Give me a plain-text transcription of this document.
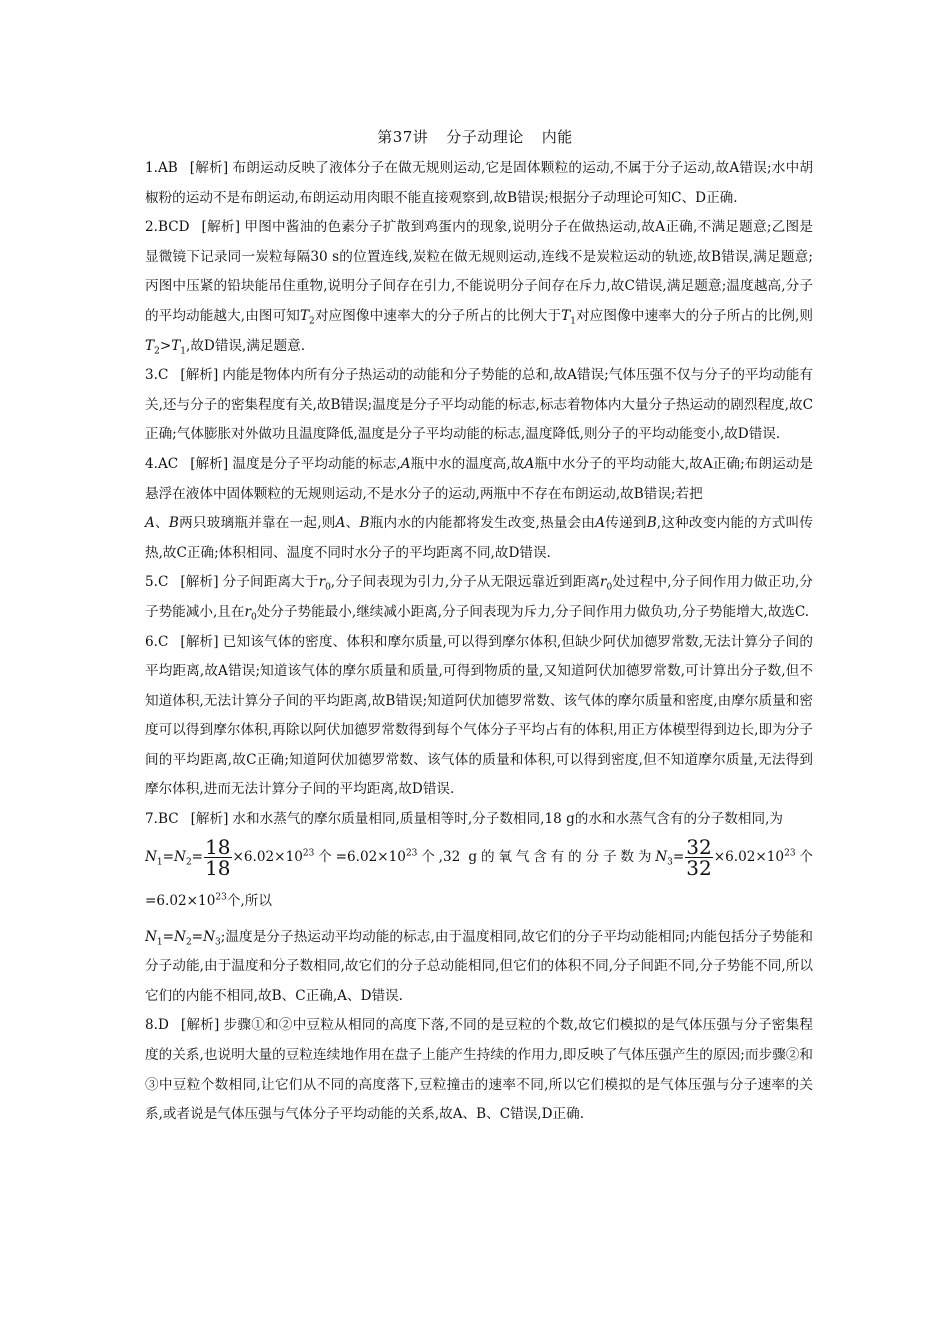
第37讲 分子动理论 内能

1.AB [解析] 布朗运动反映了液体分子在做无规则运动,它是固体颗粒的运动,不属于分子运动,故A错误;水中胡椒粉的运动不是布朗运动,布朗运动用肉眼不能直接观察到,故B错误;根据分子动理论可知C、D正确.

2.BCD [解析] 甲图中酱油的色素分子扩散到鸡蛋内的现象,说明分子在做热运动,故A正确,不满足题意;乙图是显微镜下记录同一炭粒每隔30 s的位置连线,炭粒在做无规则运动,连线不是炭粒运动的轨迹,故B错误,满足题意;丙图中压紧的铅块能吊住重物,说明分子间存在引力,不能说明分子间存在斥力,故C错误,满足题意;温度越高,分子的平均动能越大,由图可知$T_2$对应图像中速率大的分子所占的比例大于$T_1$对应图像中速率大的分子所占的比例,则$T_2>T_1$,故D错误,满足题意.

3.C [解析] 内能是物体内所有分子热运动的动能和分子势能的总和,故A错误;气体压强不仅与分子的平均动能有关,还与分子的密集程度有关,故B错误;温度是分子平均动能的标志,标志着物体内大量分子热运动的剧烈程度,故C正确;气体膨胀对外做功且温度降低,温度是分子平均动能的标志,温度降低,则分子的平均动能变小,故D错误.

4.AC [解析] 温度是分子平均动能的标志,A瓶中水的温度高,故A瓶中水分子的平均动能大,故A正确;布朗运动是悬浮在液体中固体颗粒的无规则运动,不是水分子的运动,两瓶中不存在布朗运动,故B错误;若把
A、B两只玻璃瓶并靠在一起,则A、B瓶内水的内能都将发生改变,热量会由A传递到B,这种改变内能的方式叫传热,故C正确;体积相同、温度不同时水分子的平均距离不同,故D错误.

5.C [解析] 分子间距离大于$r_0$,分子间表现为引力,分子从无限远靠近到距离$r_0$处过程中,分子间作用力做正功,分子势能减小,且在$r_0$处分子势能最小,继续减小距离,分子间表现为斥力,分子间作用力做负功,分子势能增大,故选C.

6.C [解析] 已知该气体的密度、体积和摩尔质量,可以得到摩尔体积,但缺少阿伏加德罗常数,无法计算分子间的平均距离,故A错误;知道该气体的摩尔质量和质量,可得到物质的量,又知道阿伏加德罗常数,可计算出分子数,但不知道体积,无法计算分子间的平均距离,故B错误;知道阿伏加德罗常数、该气体的摩尔质量和密度,由摩尔质量和密度可以得到摩尔体积,再除以阿伏加德罗常数得到每个气体分子平均占有的体积,用正方体模型得到边长,即为分子间的平均距离,故C正确;知道阿伏加德罗常数、该气体的质量和体积,可以得到密度,但不知道摩尔质量,无法得到摩尔体积,进而无法计算分子间的平均距离,故D错误.

7.BC [解析] 水和水蒸气的摩尔质量相同,质量相等时,分子数相同,18 g的水和水蒸气含有的分子数相同,为

$N_1=N_2= \frac{18}{18} \times 6.02\times 10^{23}$个$=6.02\times 10^{23}$个,32 g的氧气含有的分子数为$N_3= \frac{32}{32} \times 6.02\times 10^{23}$个$=6.02\times 10^{23}$个,所以

$N_1=N_2=N_3$;温度是分子热运动平均动能的标志,由于温度相同,故它们的分子平均动能相同;内能包括分子势能和分子动能,由于温度和分子数相同,故它们的分子总动能相同,但它们的体积不同,分子间距不同,分子势能不同,所以它们的内能不相同,故B、C正确,A、D错误.

8.D [解析] 步骤①和②中豆粒从相同的高度下落,不同的是豆粒的个数,故它们模拟的是气体压强与分子密集程度的关系,也说明大量的豆粒连续地作用在盘子上能产生持续的作用力,即反映了气体压强产生的原因;而步骤②和③中豆粒个数相同,让它们从不同的高度落下,豆粒撞击的速率不同,所以它们模拟的是气体压强与分子速率的关系,或者说是气体压强与气体分子平均动能的关系,故A、B、C错误,D正确.
